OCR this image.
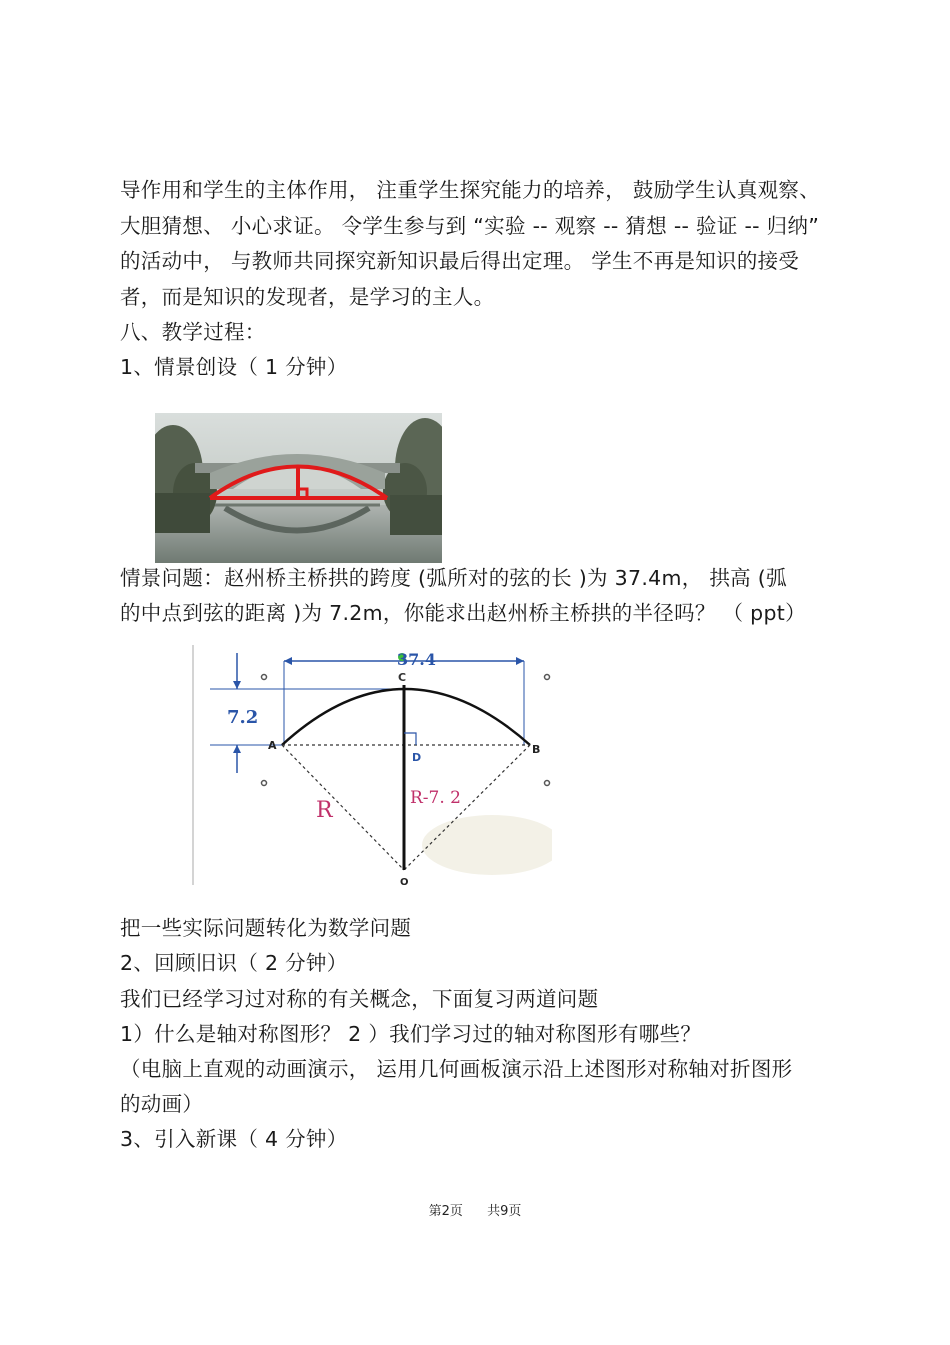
导作用和学生的主体作用， 注重学生探究能力的培养， 鼓励学生认真观察、
大胆猜想、 小心求证。 令学生参与到 “实验 -- 观察 -- 猜想 -- 验证 -- 归纳”
的活动中， 与教师共同探究新知识最后得出定理。 学生不再是知识的接受
者，而是知识的发现者，是学习的主人。
八、教学过程：
1、情景创设（ 1 分钟）
情景问题：赵州桥主桥拱的跨度 (弧所对的弦的长 )为 37.4m， 拱高 (弧
的中点到弦的距离 )为 7.2m，你能求出赵州桥主桥拱的半径吗？ （ ppt）
37.4
7.2
C
A	B
D
O
R	R-7. 2
把一些实际问题转化为数学问题
2、回顾旧识（ 2 分钟）
我们已经学习过对称的有关概念，下面复习两道问题
1）什么是轴对称图形？ 2 ）我们学习过的轴对称图形有哪些？
（电脑上直观的动画演示， 运用几何画板演示沿上述图形对称轴对折图形
的动画）
3、引入新课（ 4 分钟）
第2页 共9页
